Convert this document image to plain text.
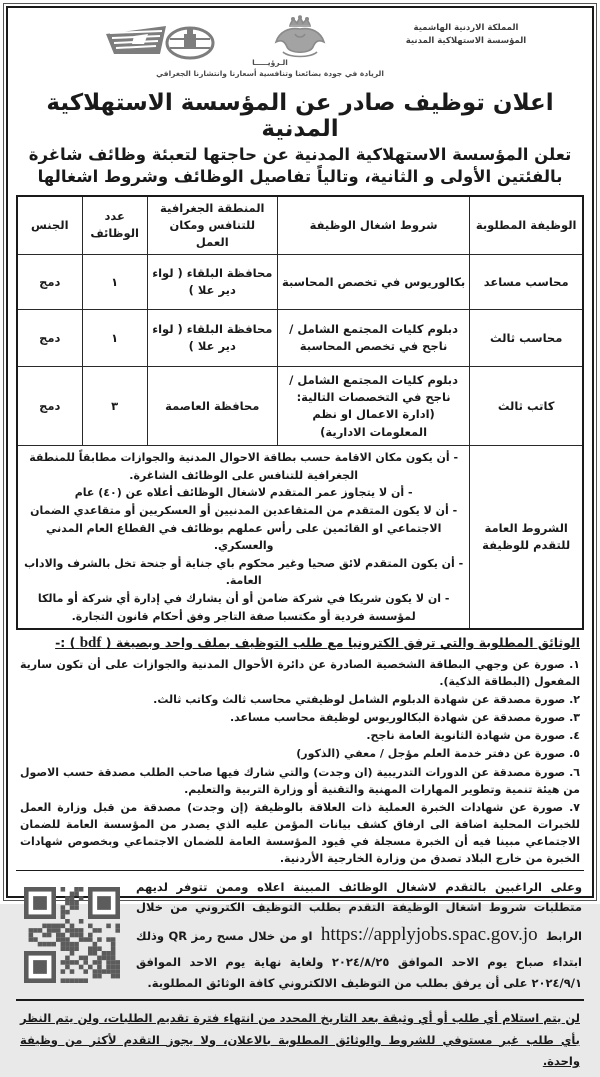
المملكة الاردنية الهاشمية
المؤسسة الاستهلاكية المدنية
الـرؤيـــــا
الريادة في جودة بضائعنا وتنافسية أسعارنا وانتشارنا الجغرافي
اعلان توظيف صادر عن المؤسسة الاستهلاكية المدنية
تعلن المؤسسة الاستهلاكية المدنية عن حاجتها لتعبئة وظائف شاغرة
بالفئتين الأولى و الثانية، وتالياً تفاصيل الوظائف وشروط اشغالها
الوظيفة المطلوبة	شروط اشغال الوظيفة	المنطقة الجغرافية للتنافس ومكان العمل	عدد الوظائف	الجنس
محاسب مساعد	بكالوريوس في تخصص المحاسبة	محافظة البلقاء ( لواء دير علا )	١	دمج
محاسب ثالث	دبلوم كليات المجتمع الشامل / ناجح في تخصص المحاسبة	محافظة البلقاء ( لواء دير علا )	١	دمج
كاتب ثالث	دبلوم كليات المجتمع الشامل / ناجح في التخصصات التالية: (ادارة الاعمال او نظم المعلومات الادارية)	محافظة العاصمة	٣	دمج
الشروط العامة للتقدم للوظيفة	- أن يكون مكان الاقامة حسب بطاقة الاحوال المدنية والجوازات مطابقاً للمنطقة الجغرافية للتنافس على الوظائف الشاغرة.
- أن لا يتجاوز عمر المتقدم لاشغال الوظائف أعلاه عن (٤٠) عام
- أن لا يكون المتقدم من المتقاعدين المدنيين أو العسكريين أو متقاعدي الضمان الاجتماعي او القائمين على رأس عملهم بوظائف في القطاع العام المدني والعسكري.
- أن يكون المتقدم لائق صحيا وغير محكوم باي جناية أو جنحة تخل بالشرف والاداب العامة.
- ان لا يكون شريكا في شركة ضامن أو أن يشارك في إدارة أي شركة أو مالكا لمؤسسة فردية أو مكتسبا صفة التاجر وفق أحكام قانون التجارة.			
الوثائق المطلوبة والتي ترفق الكترونيا مع طلب التوظيف بملف واحد وبصيغة ( bdf ) :-
١. صورة عن وجهي البطاقة الشخصية الصادرة عن دائرة الأحوال المدنية والجوازات على أن تكون سارية المفعول (البطاقة الذكية).
٢. صورة مصدقة عن شهادة الدبلوم الشامل لوظيفتي محاسب ثالث وكاتب ثالث.
٣. صورة مصدقة عن شهادة البكالوريوس لوظيفة محاسب مساعد.
٤. صورة من شهادة الثانوية العامة ناجح.
٥. صورة عن دفتر خدمة العلم مؤجل / معفي (الذكور)
٦. صورة مصدقة عن الدورات التدريبية (ان وجدت) والتي شارك فيها صاحب الطلب مصدقة حسب الاصول من هيئة تنمية وتطوير المهارات المهنية والتقنية أو وزارة التربية والتعليم.
٧. صورة عن شهادات الخبرة العملية ذات العلاقة بالوظيفة (إن وجدت) مصدقة من قبل وزارة العمل للخبرات المحلية اضافة الى ارفاق كشف بيانات المؤمن عليه الذي يصدر من المؤسسة العامة للضمان الاجتماعي مبينا فيه أن الخبرة مسجلة في قيود المؤسسة العامة للضمان الاجتماعي وبخصوص شهادات الخبرة من خارج البلاد تصدق من وزارة الخارجية الأردنية.
وعلى الراغبين بالتقدم لاشغال الوظائف المبينة اعلاه وممن تتوفر لديهم متطلبات شروط اشغال الوظيفة التقدم بطلب التوظيف الكتروني من خلال الرابط https://applyjobs.spac.gov.jo او من خلال مسح رمز QR وذلك ابتداء صباح يوم الاحد الموافق ٢٠٢٤/٨/٢٥ ولغاية نهاية يوم الاحد الموافق ٢٠٢٤/٩/١ على أن يرفق بطلب من التوظيف الالكتروني كافة الوثائق المطلوبة.
لن يتم استلام أي طلب أو أي وثيقة بعد التاريخ المحدد من انتهاء فترة تقديم الطلبات، ولن يتم النظر بأي طلب غير مستوفي للشروط والوثائق المطلوبة بالاعلان، ولا يجوز التقدم لأكثر من وظيفة واحدة.
